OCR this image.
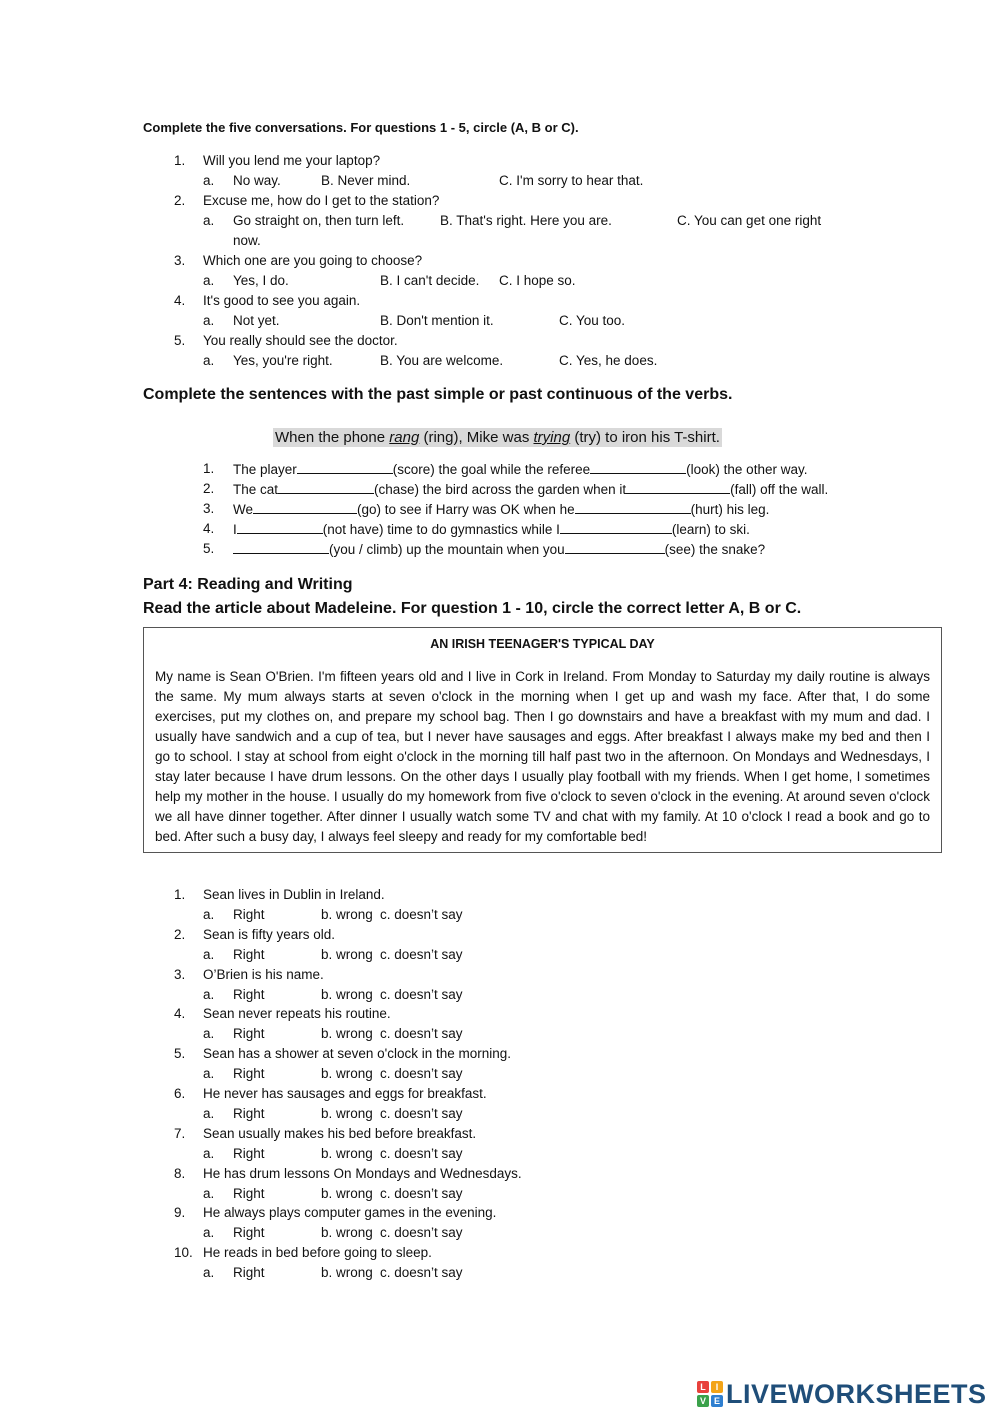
Complete the five conversations. For questions 1 - 5, circle (A, B or C).
1. Will you lend me your laptop?
a. No way.	B. Never mind.	C. I'm sorry to hear that.
2. Excuse me, how do I get to the station?
a. Go straight on, then turn left.	B. That's right. Here you are.	C. You can get one right
now.
3. Which one are you going to choose?
a. Yes, I do.	B. I can't decide. C. I hope so.
4. It's good to see you again.
a. Not yet.	B. Don't mention it.	C. You too.
5. You really should see the doctor.
a. Yes, you're right.	B. You are welcome.	C. Yes, he does.
Complete the sentences with the past simple or past continuous of the verbs.
When the phone rang (ring), Mike was trying (try) to iron his T-shirt.
1. The player	(score) the goal while the referee	(look) the other way.
2. The cat	(chase) the bird across the garden when it	(fall) off the wall.
3. We	(go) to see if Harry was OK when he	(hurt) his leg.
4. I	(not have) time to do gymnastics while I	(learn) to ski.
5.	(you / climb) up the mountain when you	(see) the snake?
Part 4: Reading and Writing
Read the article about Madeleine. For question 1 - 10, circle the correct letter A, B or C.
AN IRISH TEENAGER'S TYPICAL DAY
My name is Sean O'Brien. I'm fifteen years old and I live in Cork in Ireland. From Monday to Saturday my daily routine is always the same. My mum always starts at seven o'clock in the morning when I get up and wash my face. After that, I do some exercises, put my clothes on, and prepare my school bag. Then I go downstairs and have a breakfast with my mum and dad. I usually have sandwich and a cup of tea, but I never have sausages and eggs. After breakfast I always make my bed and then I go to school. I stay at school from eight o'clock in the morning till half past two in the afternoon. On Mondays and Wednesdays, I stay later because I have drum lessons. On the other days I usually play football with my friends. When I get home, I sometimes help my mother in the house. I usually do my homework from five o'clock to seven o'clock in the evening. At around seven o'clock we all have dinner together. After dinner I usually watch some TV and chat with my family. At 10 o'clock I read a book and go to bed. After such a busy day, I always feel sleepy and ready for my comfortable bed!
1. Sean lives in Dublin in Ireland.
a. Right	b. wrong c. doesn’t say
2. Sean is fifty years old.
a. Right	b. wrong c. doesn’t say
3. O’Brien is his name.
a. Right	b. wrong c. doesn’t say
4. Sean never repeats his routine.
a. Right	b. wrong c. doesn’t say
5. Sean has a shower at seven o'clock in the morning.
a. Right	b. wrong c. doesn’t say
6. He never has sausages and eggs for breakfast.
a. Right	b. wrong c. doesn’t say
7. Sean usually makes his bed before breakfast.
a. Right	b. wrong c. doesn’t say
8. He has drum lessons On Mondays and Wednesdays.
a. Right	b. wrong c. doesn’t say
9. He always plays computer games in the evening.
a. Right	b. wrong c. doesn’t say
10. He reads in bed before going to sleep.
a. Right	b. wrong c. doesn’t say
L	I
V E LIVEWORKSHEETS
